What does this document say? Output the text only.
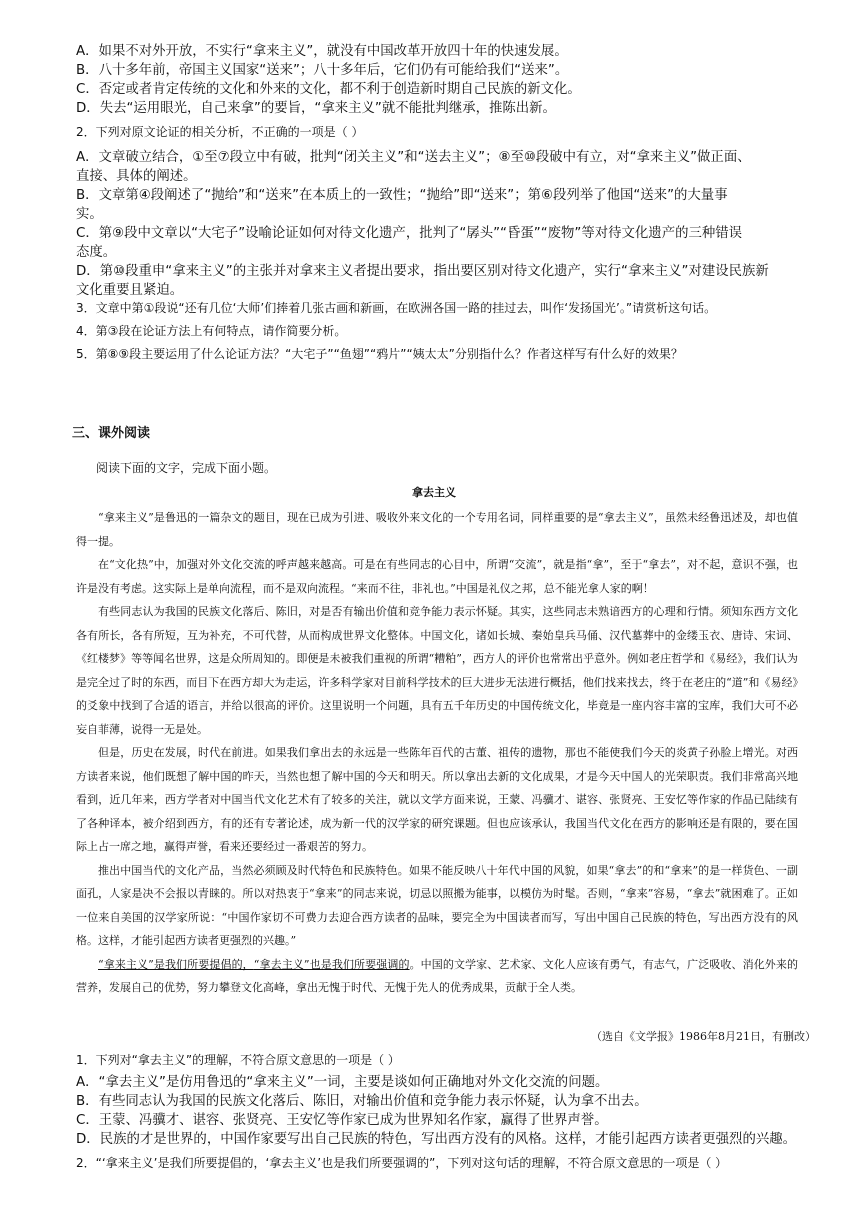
A．如果不对外开放，不实行“拿来主义”，就没有中国改革开放四十年的快速发展。
B．八十多年前，帝国主义国家“送来”；八十多年后，它们仍有可能给我们“送来”。
C．否定或者肯定传统的文化和外来的文化，都不利于创造新时期自己民族的新文化。
D．失去“运用眼光，自己来拿”的要旨，“拿来主义”就不能批判继承，推陈出新。
2．下列对原文论证的相关分析，不正确的一项是（ ）
A．文章破立结合，①至⑦段立中有破，批判“闭关主义”和“送去主义”；⑧至⑩段破中有立，对“拿来主义”做正面、
直接、具体的阐述。
B．文章第④段阐述了“抛给”和“送来”在本质上的一致性；“抛给”即“送来”；第⑥段列举了他国“送来”的大量事
实。
C．第⑨段中文章以“大宅子”设喻论证如何对待文化遗产，批判了“孱头”“昏蛋”“废物”等对待文化遗产的三种错误
态度。
D．第⑩段重申“拿来主义”的主张并对拿来主义者提出要求，指出要区别对待文化遗产，实行“拿来主义”对建设民族新
文化重要且紧迫。
3．文章中第①段说“还有几位‘大师’们捧着几张古画和新画，在欧洲各国一路的挂过去，叫作‘发扬国光’。”请赏析这句话。
4．第③段在论证方法上有何特点，请作简要分析。
5．第⑧⑨段主要运用了什么论证方法？“大宅子”“鱼翅”“鸦片”“姨太太”分别指什么？作者这样写有什么好的效果？
三、课外阅读
阅读下面的文字，完成下面小题。
拿去主义

“拿来主义”是鲁迅的一篇杂文的题目，现在已成为引进、吸收外来文化的一个专用名词，同样重要的是“拿去主义”，虽然未经鲁迅述及，却也值得一提。

在“文化热”中，加强对外文化交流的呼声越来越高。可是在有些同志的心目中，所谓“交流”，就是指“拿”，至于“拿去”，对不起，意识不强，也许是没有考虑。这实际上是单向流程，而不是双向流程。“来而不往，非礼也。”中国是礼仪之邦，总不能光拿人家的啊！

有些同志认为我国的民族文化落后、陈旧，对是否有输出价值和竞争能力表示怀疑。其实，这些同志未熟谙西方的心理和行情。须知东西方文化各有所长，各有所短，互为补充，不可代替，从而构成世界文化整体。中国文化，诸如长城、秦始皇兵马俑、汉代墓葬中的金缕玉衣、唐诗、宋词、《红楼梦》等等闻名世界，这是众所周知的。即便是未被我们重视的所谓“糟粕”，西方人的评价也常常出乎意外。例如老庄哲学和《易经》，我们认为是完全过了时的东西，而目下在西方却大为走运，许多科学家对目前科学技术的巨大进步无法进行概括，他们找来找去，终于在老庄的“道”和《易经》的爻象中找到了合适的语言，并给以很高的评价。这里说明一个问题，具有五千年历史的中国传统文化，毕竟是一座内容丰富的宝库，我们大可不必妄自菲薄，说得一无是处。

但是，历史在发展，时代在前进。如果我们拿出去的永远是一些陈年百代的古董、祖传的遗物，那也不能使我们今天的炎黄子孙脸上增光。对西方读者来说，他们既想了解中国的昨天，当然也想了解中国的今天和明天。所以拿出去新的文化成果，才是今天中国人的光荣职责。我们非常高兴地看到，近几年来，西方学者对中国当代文化艺术有了较多的关注，就以文学方面来说，王蒙、冯骥才、谌容、张贤亮、王安忆等作家的作品已陆续有了各种译本，被介绍到西方，有的还有专著论述，成为新一代的汉学家的研究课题。但也应该承认，我国当代文化在西方的影响还是有限的，要在国际上占一席之地，赢得声誉，看来还要经过一番艰苦的努力。

推出中国当代的文化产品，当然必须顾及时代特色和民族特色。如果不能反映八十年代中国的风貌，如果“拿去”的和“拿来”的是一样货色、一副面孔，人家是决不会报以青睐的。所以对热衷于“拿来”的同志来说，切忌以照搬为能事，以模仿为时髦。否则，“拿来”容易，“拿去”就困难了。正如一位来自美国的汉学家所说：“中国作家切不可费力去迎合西方读者的品味，要完全为中国读者而写，写出中国自己民族的特色，写出西方没有的风格。这样，才能引起西方读者更强烈的兴趣。”

“拿来主义”是我们所要提倡的，“拿去主义”也是我们所要强调的。中国的文学家、艺术家、文化人应该有勇气，有志气，广泛吸收、消化外来的营养，发展自己的优势，努力攀登文化高峰，拿出无愧于时代、无愧于先人的优秀成果，贡献于全人类。

（选自《文学报》1986年8月21日，有删改）
1．下列对“拿去主义”的理解，不符合原文意思的一项是（ ）
A．“拿去主义”是仿用鲁迅的“拿来主义”一词，主要是谈如何正确地对外文化交流的问题。
B．有些同志认为我国的民族文化落后、陈旧，对输出价值和竞争能力表示怀疑，认为拿不出去。
C．王蒙、冯骥才、谌容、张贤亮、王安忆等作家已成为世界知名作家，赢得了世界声誉。
D．民族的才是世界的，中国作家要写出自己民族的特色，写出西方没有的风格。这样，才能引起西方读者更强烈的兴趣。
2．“‘拿来主义’是我们所要提倡的，‘拿去主义’也是我们所要强调的”，下列对这句话的理解，不符合原文意思的一项是（ ）
